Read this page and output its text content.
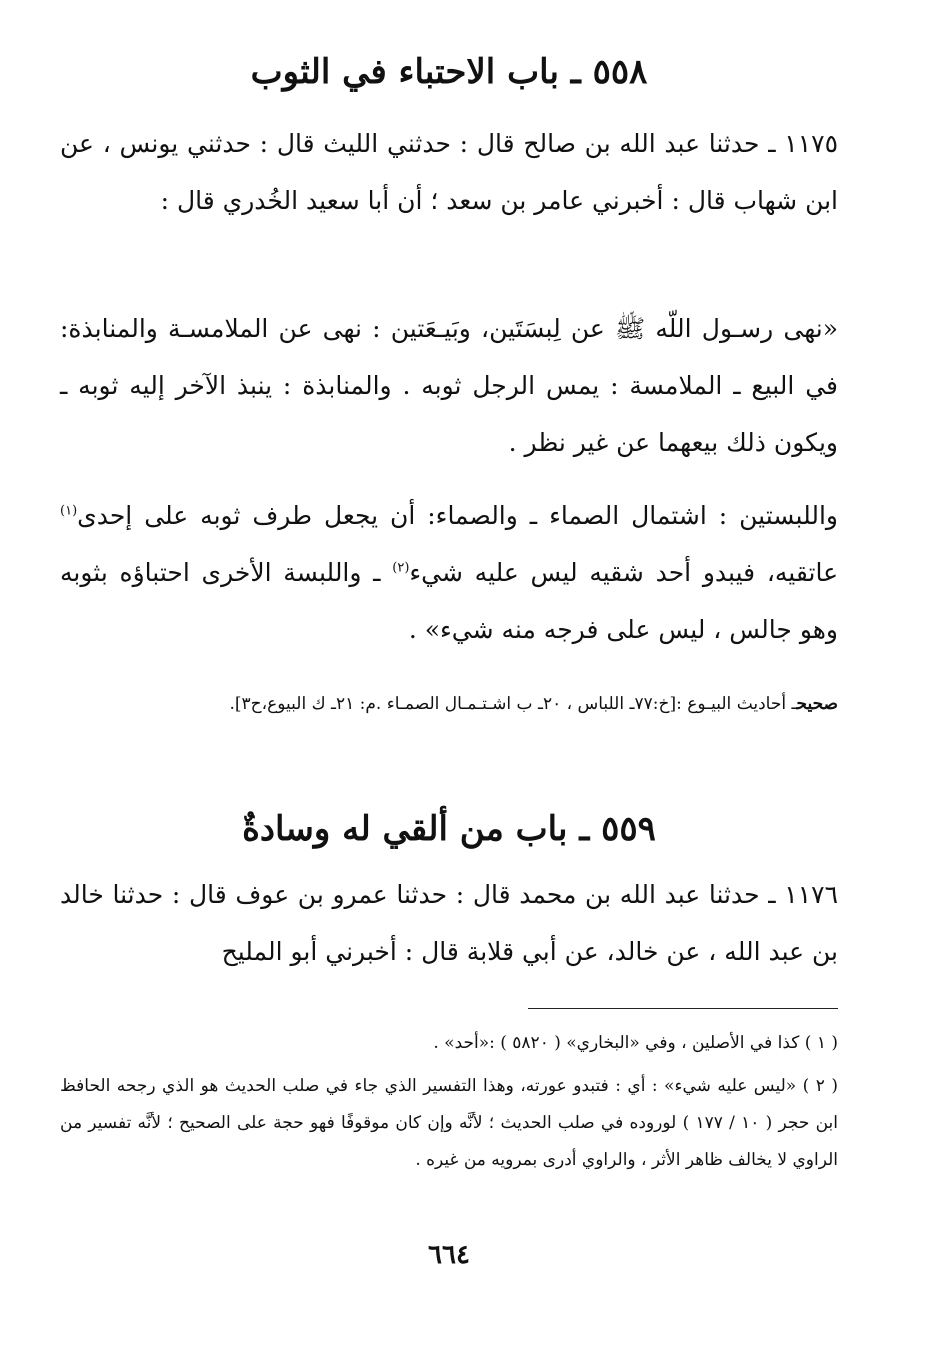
٥٥٨ ـ باب الاحتباء في الثوب

١١٧٥ ـ حدثنا عبد الله بن صالح قال : حدثني الليث قال : حدثني يونس ، عن ابن شهاب قال : أخبرني عامر بن سعد ؛ أن أبا سعيد الخُدري قال :

«نهى رسـول اللّه ﷺ عن لِبسَتَين، وبَيـعَتين : نهى عن الملامسـة والمنابذة: في البيع ـ الملامسة : يمس الرجل ثوبه . والمنابذة : ينبذ الآخر إليه ثوبه ـ ويكون ذلك بيعهما عن غير نظر .

واللبستين : اشتمال الصماء ـ والصماء: أن يجعل طرف ثوبه على إحدى$^{(١)}$ عاتقيه، فيبدو أحد شقيه ليس عليه شيء$^{(٢)}$ ـ واللبسة الأخرى احتباؤه بثوبه وهو جالس ، ليس على فرجه منه شيء» .

صحيحـ أحاديث البيـوع :[خ:٧٧ـ اللباس ، ٢٠ـ ب اشـتـمـال الصمـاء .م: ٢١ـ ك البيوع،ح٣].

٥٥٩ ـ باب من ألقي له وسادةٌ

١١٧٦ ـ حدثنا عبد الله بن محمد قال : حدثنا عمرو بن عوف قال : حدثنا خالد بن عبد الله ، عن خالد، عن أبي قلابة قال : أخبرني أبو المليح

( ١ ) كذا في الأصلين ، وفي «البخاري» ( ٥٨٢٠ ) :«أحد» .

( ٢ ) «ليس عليه شيء» : أي : فتبدو عورته، وهذا التفسير الذي جاء في صلب الحديث هو الذي رجحه الحافظ ابن حجر ( ١٠ / ١٧٧ ) لوروده في صلب الحديث ؛ لأنَّه وإن كان موقوفًا فهو حجة على الصحيح ؛ لأنَّه تفسير من الراوي لا يخالف ظاهر الأثر ، والراوي أدرى بمرويه من غيره .

٦٦٤
